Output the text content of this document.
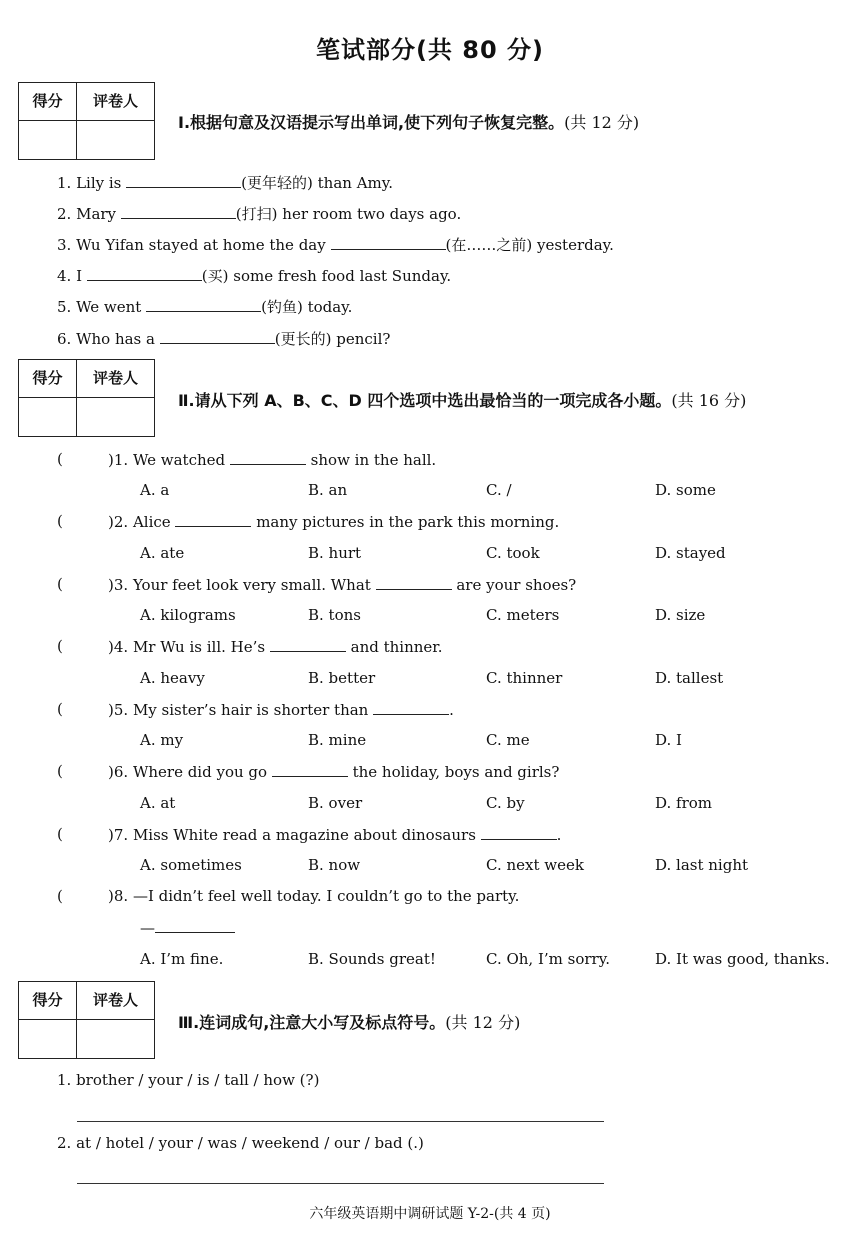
笔试部分(共 80 分)
得分	评卷人
Ⅰ.根据句意及汉语提示写出单词,使下列句子恢复完整。(共 12 分)
1. Lily is	(更年轻的) than Amy.
2. Mary	(打扫) her room two days ago.
3. Wu Yifan stayed at home the day	(在……之前) yesterday.
4. I	(买) some fresh food last Sunday.
5. We went	(钓鱼) today.
6. Who has a	(更长的) pencil?
得分	评卷人
Ⅱ.请从下列 A、B、C、D 四个选项中选出最恰当的一项完成各小题。(共 16 分)
(	)1. We watched	show in the hall.
A. a	B. an	C. /	D. some
(	)2. Alice	many pictures in the park this morning.
A. ate	B. hurt	C. took	D. stayed
(	)3. Your feet look very small. What	are your shoes?
A. kilograms	B. tons	C. meters	D. size
(	)4. Mr Wu is ill. He’s	and thinner.
A. heavy	B. better	C. thinner	D. tallest
(	)5. My sister’s hair is shorter than	.
A. my	B. mine	C. me	D. I
(	)6. Where did you go	the holiday, boys and girls?
A. at	B. over	C. by	D. from
(	)7. Miss White read a magazine about dinosaurs	.
A. sometimes	B. now	C. next week	D. last night
(	)8. —I didn’t feel well today. I couldn’t go to the party.
—
A. I’m fine.	B. Sounds great!	C. Oh, I’m sorry.	D. It was good, thanks.
得分	评卷人
Ⅲ.连词成句,注意大小写及标点符号。(共 12 分)
1. brother / your / is / tall / how (?)
2. at / hotel / your / was / weekend / our / bad (.)
六年级英语期中调研试题 Y-2-(共 4 页)
